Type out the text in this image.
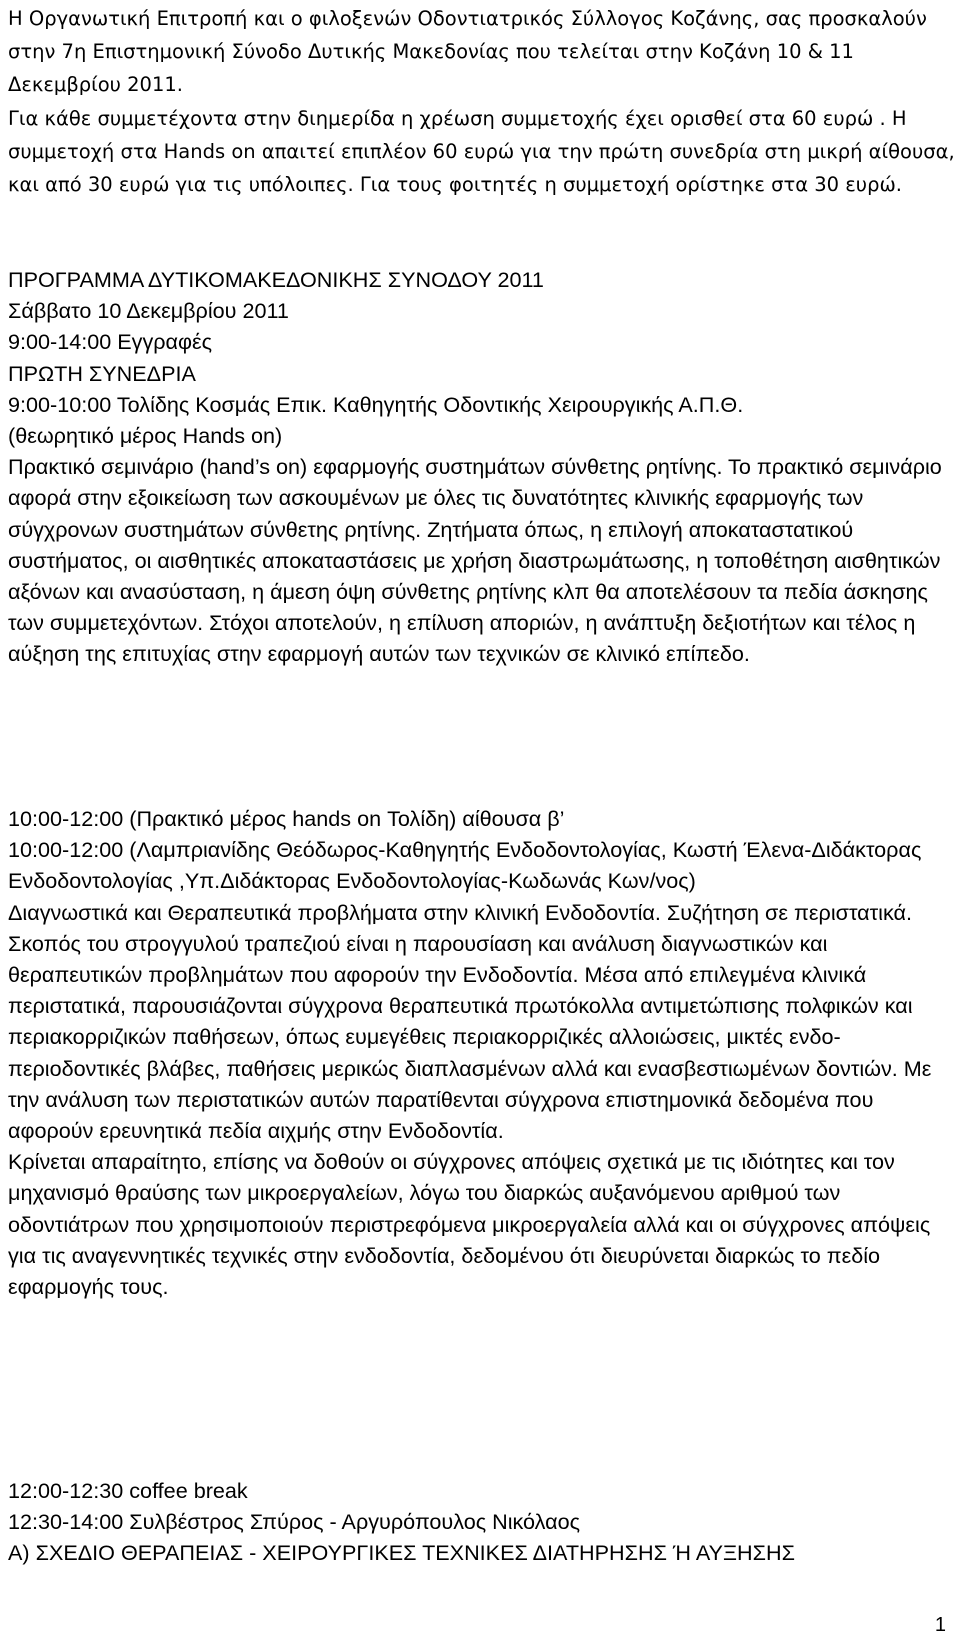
Η Οργανωτική Επιτροπή και ο φιλοξενών Οδοντιατρικός Σύλλογος Κοζάνης, σας προσκαλούν στην 7η Επιστημονική Σύνοδο Δυτικής Μακεδονίας που τελείται στην Κοζάνη 10 & 11 Δεκεμβρίου 2011.

Για κάθε συμμετέχοντα στην διημερίδα η χρέωση συμμετοχής έχει ορισθεί στα 60 ευρώ . Η συμμετοχή στα Hands on απαιτεί επιπλέον 60 ευρώ για την πρώτη συνεδρία στη μικρή αίθουσα, και από 30 ευρώ για τις υπόλοιπες. Για τους φοιτητές η συμμετοχή ορίστηκε στα 30 ευρώ.

ΠΡΟΓΡΑΜΜΑ ΔΥΤΙΚΟΜΑΚΕΔΟΝΙΚΗΣ ΣΥΝΟΔΟΥ 2011

Σάββατο 10 Δεκεμβρίου 2011

9:00-14:00 Εγγραφές

ΠΡΩΤΗ ΣΥΝΕΔΡΙΑ

9:00-10:00 Τολίδης Κοσμάς Επικ. Καθηγητής Οδοντικής Χειρουργικής Α.Π.Θ.

(θεωρητικό μέρος Hands on)

Πρακτικό σεμινάριο (hand’s on) εφαρμογής συστημάτων σύνθετης ρητίνης. Το πρακτικό σεμινάριο αφορά στην εξοικείωση των ασκουμένων με όλες τις δυνατότητες κλινικής εφαρμογής των σύγχρονων συστημάτων σύνθετης ρητίνης. Ζητήματα όπως, η επιλογή αποκαταστατικού συστήματος, οι αισθητικές αποκαταστάσεις με χρήση διαστρωμάτωσης, η τοποθέτηση αισθητικών αξόνων και ανασύσταση, η άμεση όψη σύνθετης ρητίνης κλπ θα αποτελέσουν τα πεδία άσκησης των συμμετεχόντων. Στόχοι αποτελούν, η επίλυση αποριών, η ανάπτυξη δεξιοτήτων και τέλος η αύξηση της επιτυχίας στην εφαρμογή αυτών των τεχνικών σε κλινικό επίπεδο.

10:00-12:00 (Πρακτικό μέρος hands on Τολίδη) αίθουσα β’

10:00-12:00 (Λαμπριανίδης Θεόδωρος-Καθηγητής Ενδοδοντολογίας, Κωστή Έλενα-Διδάκτορας Ενδοδοντολογίας ,Υπ.Διδάκτορας Ενδοδοντολογίας-Κωδωνάς Κων/νος)

Διαγνωστικά και Θεραπευτικά προβλήματα στην κλινική Ενδοδοντία. Συζήτηση σε περιστατικά.

Σκοπός του στρογγυλού τραπεζιού είναι η παρουσίαση και ανάλυση διαγνωστικών και θεραπευτικών προβλημάτων που αφορούν την Ενδοδοντία. Μέσα από επιλεγμένα κλινικά περιστατικά, παρουσιάζονται σύγχρονα θεραπευτικά πρωτόκολλα αντιμετώπισης πολφικών και περιακορριζικών παθήσεων, όπως ευμεγέθεις περιακορριζικές αλλοιώσεις, μικτές ενδο-περιοδοντικές βλάβες, παθήσεις μερικώς διαπλασμένων αλλά και ενασβεστιωμένων δοντιών. Με την ανάλυση των περιστατικών αυτών παρατίθενται σύγχρονα επιστημονικά δεδομένα που αφορούν ερευνητικά πεδία αιχμής στην Ενδοδοντία.

Κρίνεται απαραίτητο, επίσης να δοθούν οι σύγχρονες απόψεις σχετικά με τις ιδιότητες και τον μηχανισμό θραύσης των μικροεργαλείων, λόγω του διαρκώς αυξανόμενου αριθμού των οδοντιάτρων που χρησιμοποιούν περιστρεφόμενα μικροεργαλεία αλλά και οι σύγχρονες απόψεις για τις αναγεννητικές τεχνικές στην ενδοδοντία, δεδομένου ότι διευρύνεται διαρκώς το πεδίο εφαρμογής τους.

12:00-12:30 coffee break

12:30-14:00 Συλβέστρος Σπύρος - Αργυρόπουλος Νικόλαος

Α) ΣΧΕΔΙΟ ΘΕΡΑΠΕΙΑΣ - ΧΕΙΡΟΥΡΓΙΚΕΣ ΤΕΧΝΙΚΕΣ ΔΙΑΤΗΡΗΣΗΣ Ή ΑΥΞΗΣΗΣ

1
